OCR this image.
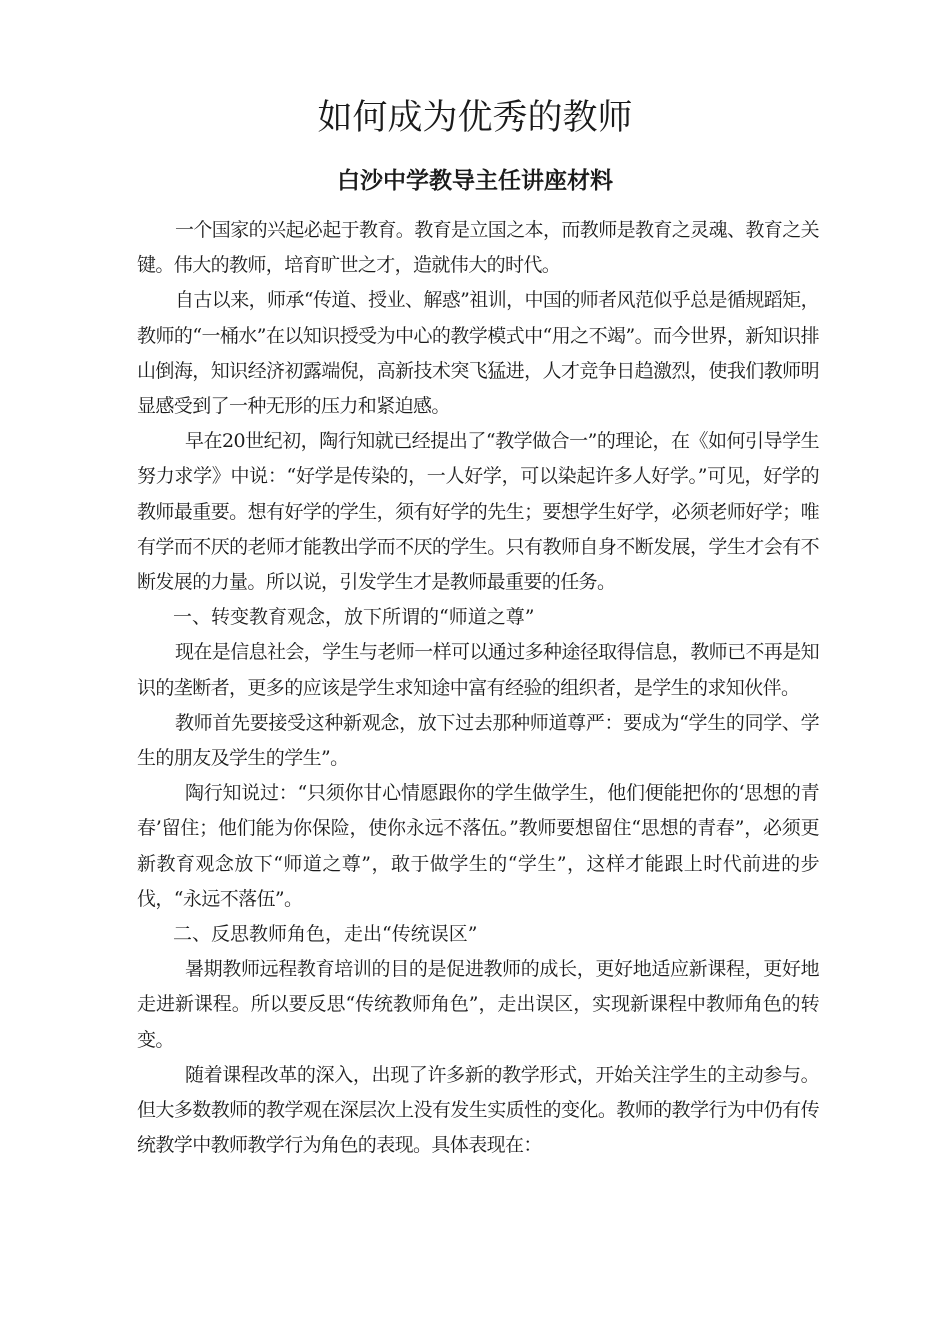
如何成为优秀的教师
白沙中学教导主任讲座材料

一个国家的兴起必起于教育。教育是立国之本，而教师是教育之灵魂、教育之关键。伟大的教师，培育旷世之才，造就伟大的时代。

自古以来，师承“传道、授业、解惑”祖训，中国的师者风范似乎总是循规蹈矩，教师的“一桶水”在以知识授受为中心的教学模式中“用之不竭”。而今世界，新知识排山倒海，知识经济初露端倪，高新技术突飞猛进，人才竞争日趋激烈，使我们教师明显感受到了一种无形的压力和紧迫感。

早在20世纪初，陶行知就已经提出了“教学做合一”的理论，在《如何引导学生努力求学》中说：“好学是传染的，一人好学，可以染起许多人好学。”可见，好学的教师最重要。想有好学的学生，须有好学的先生；要想学生好学，必须老师好学；唯有学而不厌的老师才能教出学而不厌的学生。只有教师自身不断发展，学生才会有不断发展的力量。所以说，引发学生才是教师最重要的任务。

一、转变教育观念，放下所谓的“师道之尊”

现在是信息社会，学生与老师一样可以通过多种途径取得信息，教师已不再是知识的垄断者，更多的应该是学生求知途中富有经验的组织者，是学生的求知伙伴。

教师首先要接受这种新观念，放下过去那种师道尊严：要成为“学生的同学、学生的朋友及学生的学生”。

陶行知说过：“只须你甘心情愿跟你的学生做学生，他们便能把你的‘思想的青春’留住；他们能为你保险，使你永远不落伍。”教师要想留住“思想的青春”，必须更新教育观念放下“师道之尊”，敢于做学生的“学生”，这样才能跟上时代前进的步伐，“永远不落伍”。

二、反思教师角色，走出“传统误区”

暑期教师远程教育培训的目的是促进教师的成长，更好地适应新课程，更好地走进新课程。所以要反思“传统教师角色”，走出误区，实现新课程中教师角色的转变。

随着课程改革的深入，出现了许多新的教学形式，开始关注学生的主动参与。但大多数教师的教学观在深层次上没有发生实质性的变化。教师的教学行为中仍有传统教学中教师教学行为角色的表现。具体表现在：
